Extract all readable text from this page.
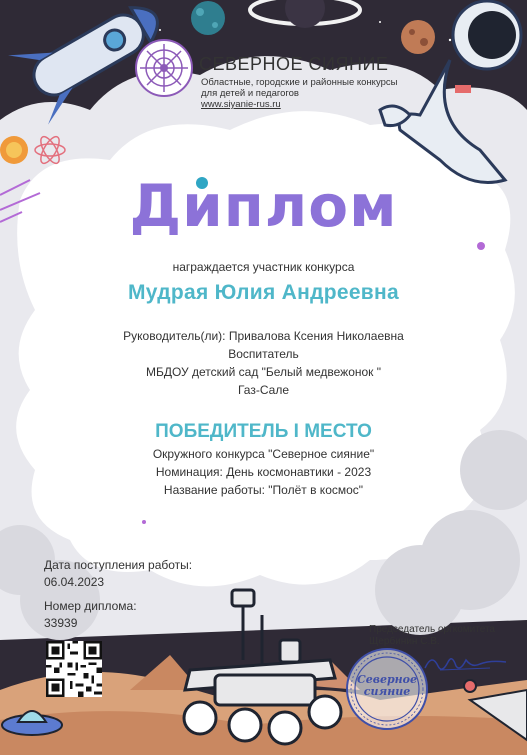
СЕВЕРНОЕ СИЯНИЕ
Областные, городские и районные конкурсы
для детей и педагогов
www.siyanie-rus.ru
Диплом
награждается участник конкурса
Мудрая Юлия Андреевна
Руководитель(ли): Привалова Ксения Николаевна
Воспитатель
МБДОУ детский сад "Белый медвежонок "
Газ-Сале
ПОБЕДИТЕЛЬ I МЕСТО
Окружного конкурса "Северное сияние"
Номинация: День космонавтики - 2023
Название работы: "Полёт в космос"
Дата поступления работы:
06.04.2023
Номер диплома:
33939	Председатель оргкомитета
Щербинин С.В.
Северное
сияние
